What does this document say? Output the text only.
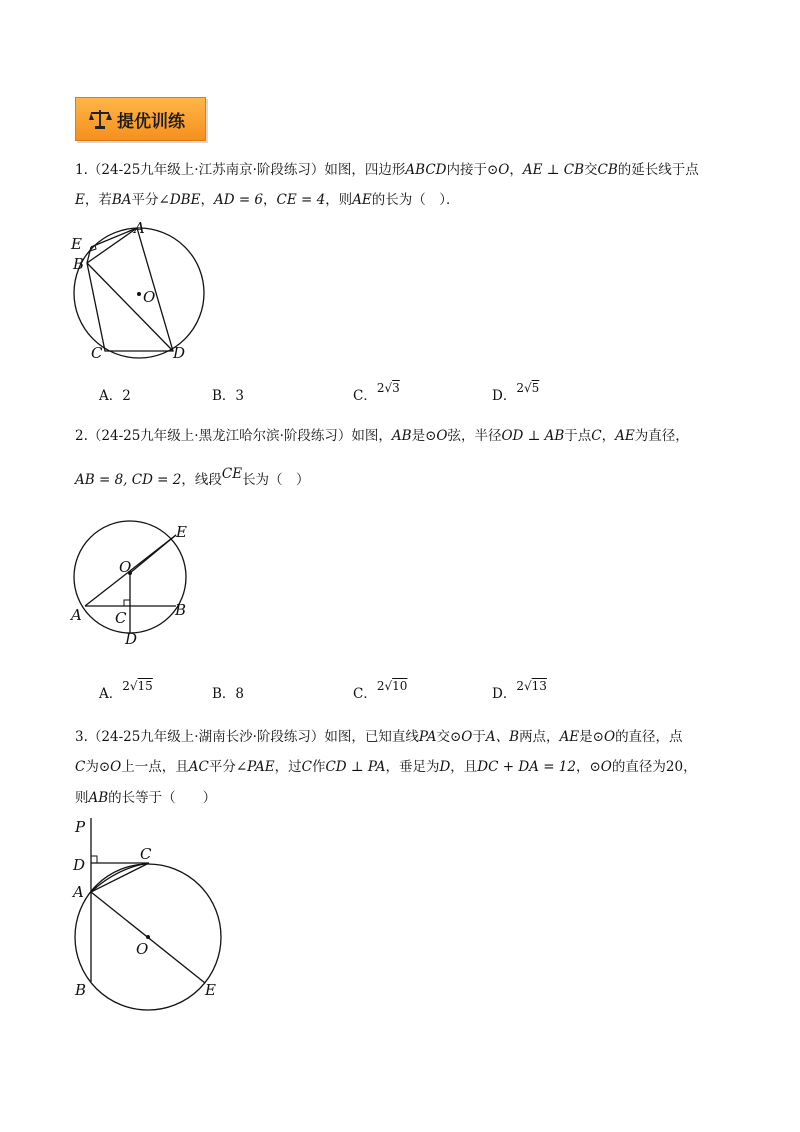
提优训练
1.（24-25九年级上·江苏南京·阶段练习）如图，四边形ABCD内接于⊙O，AE ⊥ CB交CB的延长线于点
E，若BA平分∠DBE，AD = 6，CE = 4，则AE的长为（　）．
E
A
B
O
C	D
A．2	B．3	C．2√3	D．2√5
2.（24-25九年级上·黑龙江哈尔滨·阶段练习）如图，AB是⊙O弦，半径OD ⊥ AB于点C，AE为直径，
AB = 8, CD = 2，线段CE长为（　）
E
O
A C	B
D
A．2√15	B．8	C．2√10	D．2√13
3.（24-25九年级上·湖南长沙·阶段练习）如图，已知直线PA交⊙O于A、B两点，AE是⊙O的直径，点
C为⊙O上一点，且AC平分∠PAE，过C作CD ⊥ PA，垂足为D，且DC + DA = 12，⊙O的直径为20，
则AB的长等于（　　）
P
D
C
A
O
B	E
